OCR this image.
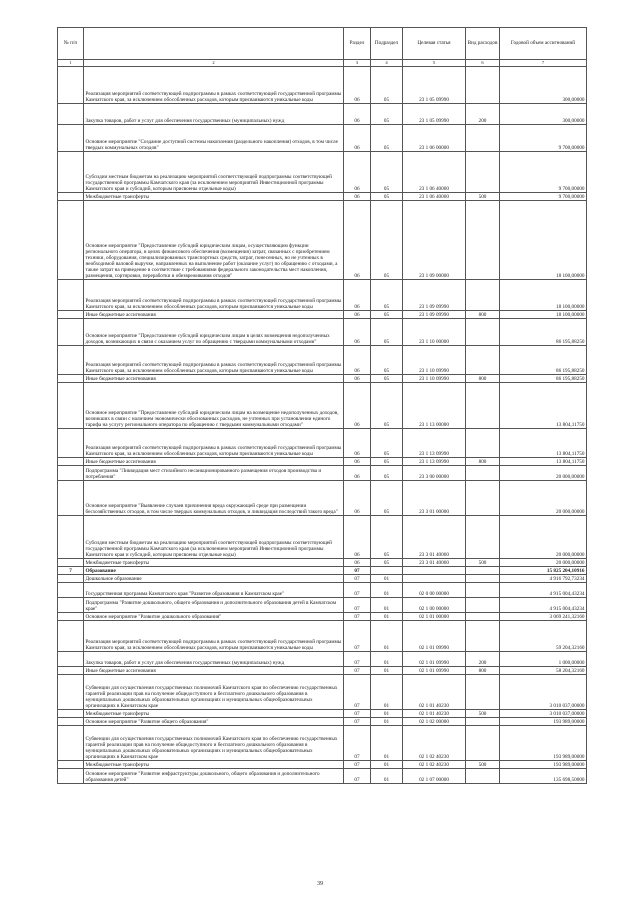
№ п/п		Раздел	Подраздел	Целевая статья	Вид расходов	Годовой объем ассигнований
1	2	3	4	5	6	7
	Реализация мероприятий соответствующей подпрограммы в рамках соответствующей государственной программы Камчатского края, за исключением обособленных расходов, которым присваиваются уникальные коды	06	05	23 1 05 09990		300,00000
	Закупка товаров, работ и услуг для обеспечения государственных (муниципальных) нужд	06	05	23 1 05 09990	200	300,00000
	Основное мероприятие "Создание доступной системы накопления (раздельного накопления) отходов, в том числе твердых коммунальных отходов"	06	05	23 1 06 00000		9 700,00000
	Субсидии местным бюджетам на реализацию мероприятий соответствующей подпрограммы соответствующей государственной программы Камчатского края (за исключением мероприятий Инвестиционной программы Камчатского края и субсидий, которым присвоены отдельные коды)	06	05	23 1 06 40060		9 700,00000
	Межбюджетные трансферты	06	05	23 1 06 40060	500	9 700,00000
	Основное мероприятие "Предоставление субсидий юридическим лицам, осуществляющим функции регионального оператора, в целях финансового обеспечения (возмещения) затрат, связанных с приобретением техники, оборудования, специализированных транспортных средств, затрат, понесенных, но не учтенных в необходимой валовой выручке, направленных на выполнение работ (оказание услуг) по обращению с отходами, а также затрат на приведение в соответствие с требованиями федерального законодательства мест накопления, размещения, сортировки, переработки и обезвреживания отходов"	06	05	23 1 09 00000		18 100,00000
	Реализация мероприятий соответствующей подпрограммы в рамках соответствующей государственной программы Камчатского края, за исключением обособленных расходов, которым присваиваются уникальные коды	06	05	23 1 09 09990		18 100,00000
	Иные бюджетные ассигнования	06	05	23 1 09 09990	800	18 100,00000
	Основное мероприятие "Предоставление субсидий юридическим лицам в целях возмещения недополученных доходов, возникающих в связи с оказанием услуг по обращению с твердыми коммунальными отходами"	06	05	23 1 10 00000		86 195,88250
	Реализация мероприятий соответствующей подпрограммы в рамках соответствующей государственной программы Камчатского края, за исключением обособленных расходов, которым присваиваются уникальные коды	06	05	23 1 10 09990		86 195,88250
	Иные бюджетные ассигнования	06	05	23 1 10 09990	800	86 195,88250
	Основное мероприятие "Предоставление субсидий юридическим лицам на возмещение недополученных доходов, возникших в связи с наличием экономически обоснованных расходов, не учтенных при установлении единого тарифа на услугу регионального оператора по обращению с твердыми коммунальными отходами"	06	05	23 1 13 00000		13 804,11750
	Реализация мероприятий соответствующей подпрограммы в рамках соответствующей государственной программы Камчатского края, за исключением обособленных расходов, которым присваиваются уникальные коды	06	05	23 1 13 09990		13 804,11750
	Иные бюджетные ассигнования	06	05	23 1 13 09990	800	13 804,11750
	Подпрограмма "Ликвидация мест стихийного несанкционированного размещения отходов производства и потребления"	06	05	23 3 00 00000		20 000,00000
	Основное мероприятие "Выявление случаев причинения вреда окружающей среде при размещении бесхозяйственных отходов, в том числе твердых коммунальных отходов, и ликвидация последствий такого вреда"	06	05	23 3 01 00000		20 000,00000
	Субсидии местным бюджетам на реализацию мероприятий соответствующей подпрограммы соответствующей государственной программы Камчатского края (за исключением мероприятий Инвестиционной программы Камчатского края и субсидий, которым присвоены отдельные коды)	06	05	23 3 01 40060		20 000,00000
	Межбюджетные трансферты	06	05	23 3 01 40060	500	20 000,00000
7	Образование	07				15 825 204,10916
	Дошкольное образование	07	01			4 916 792,73234
	Государственная программа Камчатского края "Развитие образования в Камчатском крае"	07	01	02 0 00 00000		4 915 004,43234
	Подпрограмма "Развитие дошкольного, общего образования и дополнительного образования детей в Камчатском крае"	07	01	02 1 00 00000		4 915 004,43234
	Основное мероприятие "Развитие дошкольного образования"	07	01	02 1 01 00000		3 069 241,32160
	Реализация мероприятий соответствующей подпрограммы в рамках соответствующей государственной программы Камчатского края, за исключением обособленных расходов, которым присваиваются уникальные коды	07	01	02 1 01 09990		59 204,32160
	Закупка товаров, работ и услуг для обеспечения государственных (муниципальных) нужд	07	01	02 1 01 09990	200	1 000,00000
	Иные бюджетные ассигнования	07	01	02 1 01 09990	800	58 204,32160
	Субвенции для осуществления государственных полномочий Камчатского края по обеспечению государственных гарантий реализации прав на получение общедоступного и бесплатного дошкольного образования в муниципальных дошкольных образовательных организациях и муниципальных общеобразовательных организациях в Камчатском крае	07	01	02 1 01 40230		3 010 037,00000
	Межбюджетные трансферты	07	01	02 1 01 40230	500	3 010 037,00000
	Основное мероприятие "Развитие общего образования"	07	01	02 1 02 00000		193 989,00000
	Субвенции для осуществления государственных полномочий Камчатского края по обеспечению государственных гарантий реализации прав на получение общедоступного и бесплатного дошкольного образования в муниципальных дошкольных образовательных организациях и муниципальных общеобразовательных организациях в Камчатском крае	07	01	02 1 02 40230		193 989,00000
	Межбюджетные трансферты	07	01	02 1 02 40230	500	193 989,00000
	Основное мероприятие "Развитие инфраструктуры дошкольного, общего образования и дополнительного образования детей"	07	01	02 1 07 00000		135 698,50000
39
